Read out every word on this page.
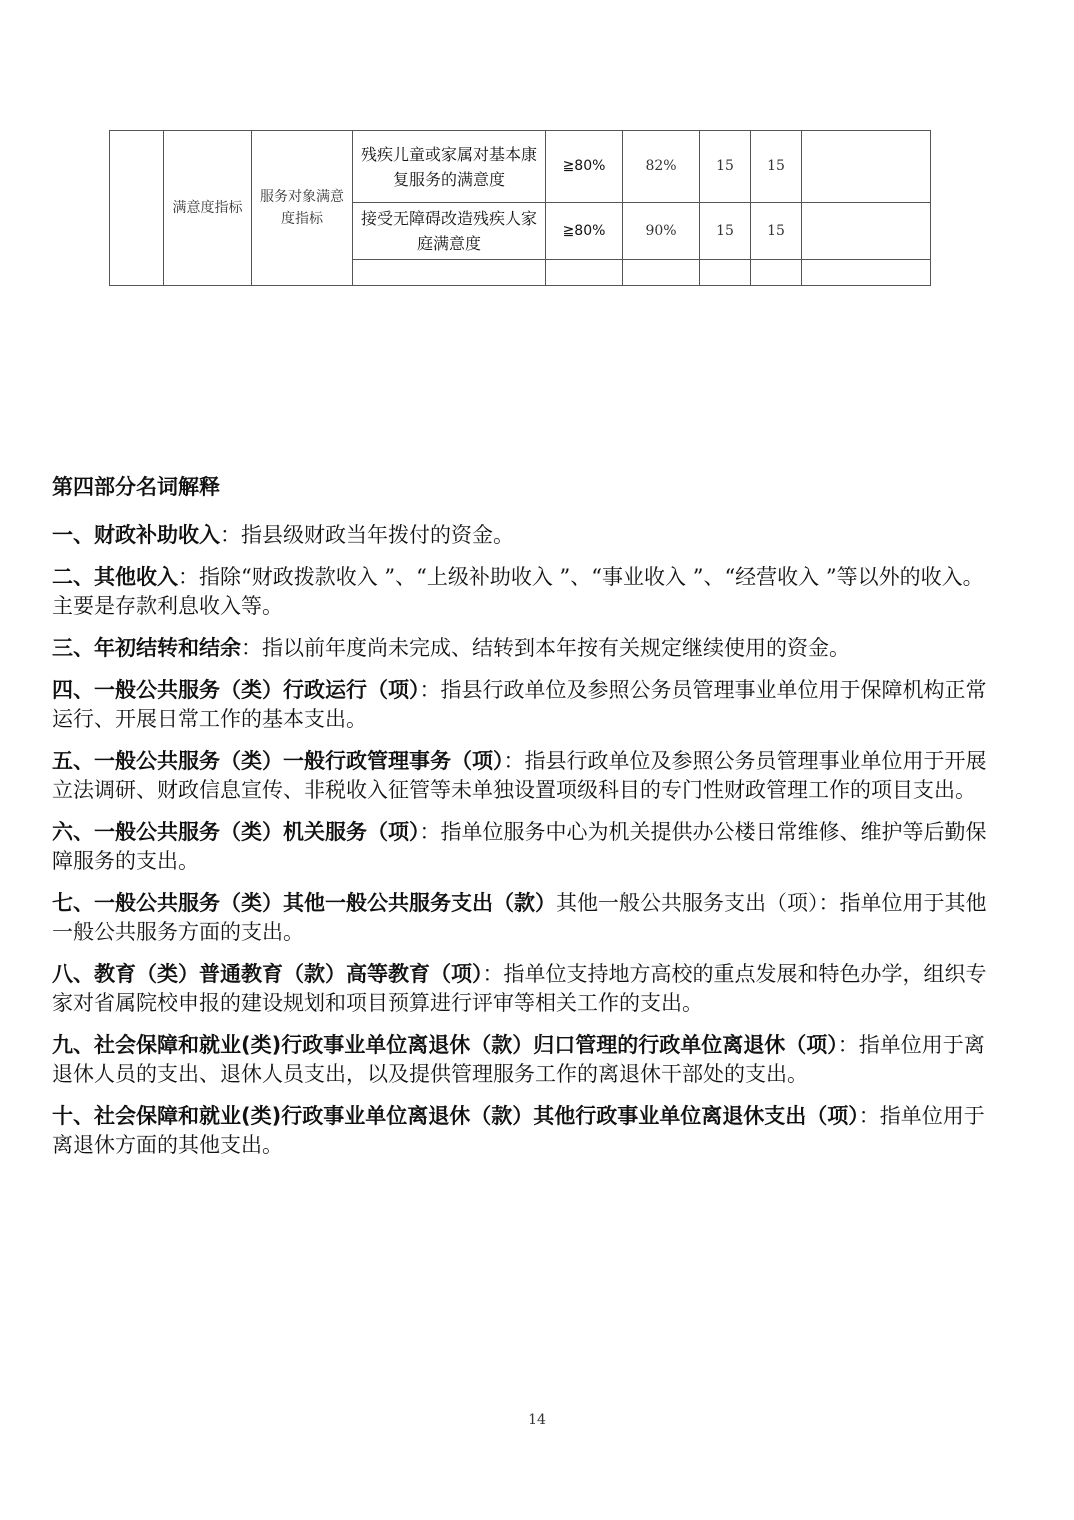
	满意度指标	服务对象满意度指标	残疾儿童或家属对基本康复服务的满意度	≧80%	82%	15	15	
			接受无障碍改造残疾人家庭满意度	≧80%	90%	15	15	

第四部分名词解释

一、财政补助收入：指县级财政当年拨付的资金。

二、其他收入：指除“财政拨款收入 ”、“上级补助收入 ”、“事业收入 ”、“经营收入 ”等以外的收入。主要是存款利息收入等。

三、年初结转和结余：指以前年度尚未完成、结转到本年按有关规定继续使用的资金。

四、一般公共服务（类）行政运行（项）：指县行政单位及参照公务员管理事业单位用于保障机构正常运行、开展日常工作的基本支出。

五、一般公共服务（类）一般行政管理事务（项）：指县行政单位及参照公务员管理事业单位用于开展立法调研、财政信息宣传、非税收入征管等未单独设置项级科目的专门性财政管理工作的项目支出。

六、一般公共服务（类）机关服务（项）：指单位服务中心为机关提供办公楼日常维修、维护等后勤保障服务的支出。

七、一般公共服务（类）其他一般公共服务支出（款）其他一般公共服务支出（项）：指单位用于其他一般公共服务方面的支出。

八、教育（类）普通教育（款）高等教育（项）：指单位支持地方高校的重点发展和特色办学，组织专家对省属院校申报的建设规划和项目预算进行评审等相关工作的支出。

九、社会保障和就业(类)行政事业单位离退休（款）归口管理的行政单位离退休（项）：指单位用于离退休人员的支出、退休人员支出，以及提供管理服务工作的离退休干部处的支出。

十、社会保障和就业(类)行政事业单位离退休（款）其他行政事业单位离退休支出（项）：指单位用于离退休方面的其他支出。

14
